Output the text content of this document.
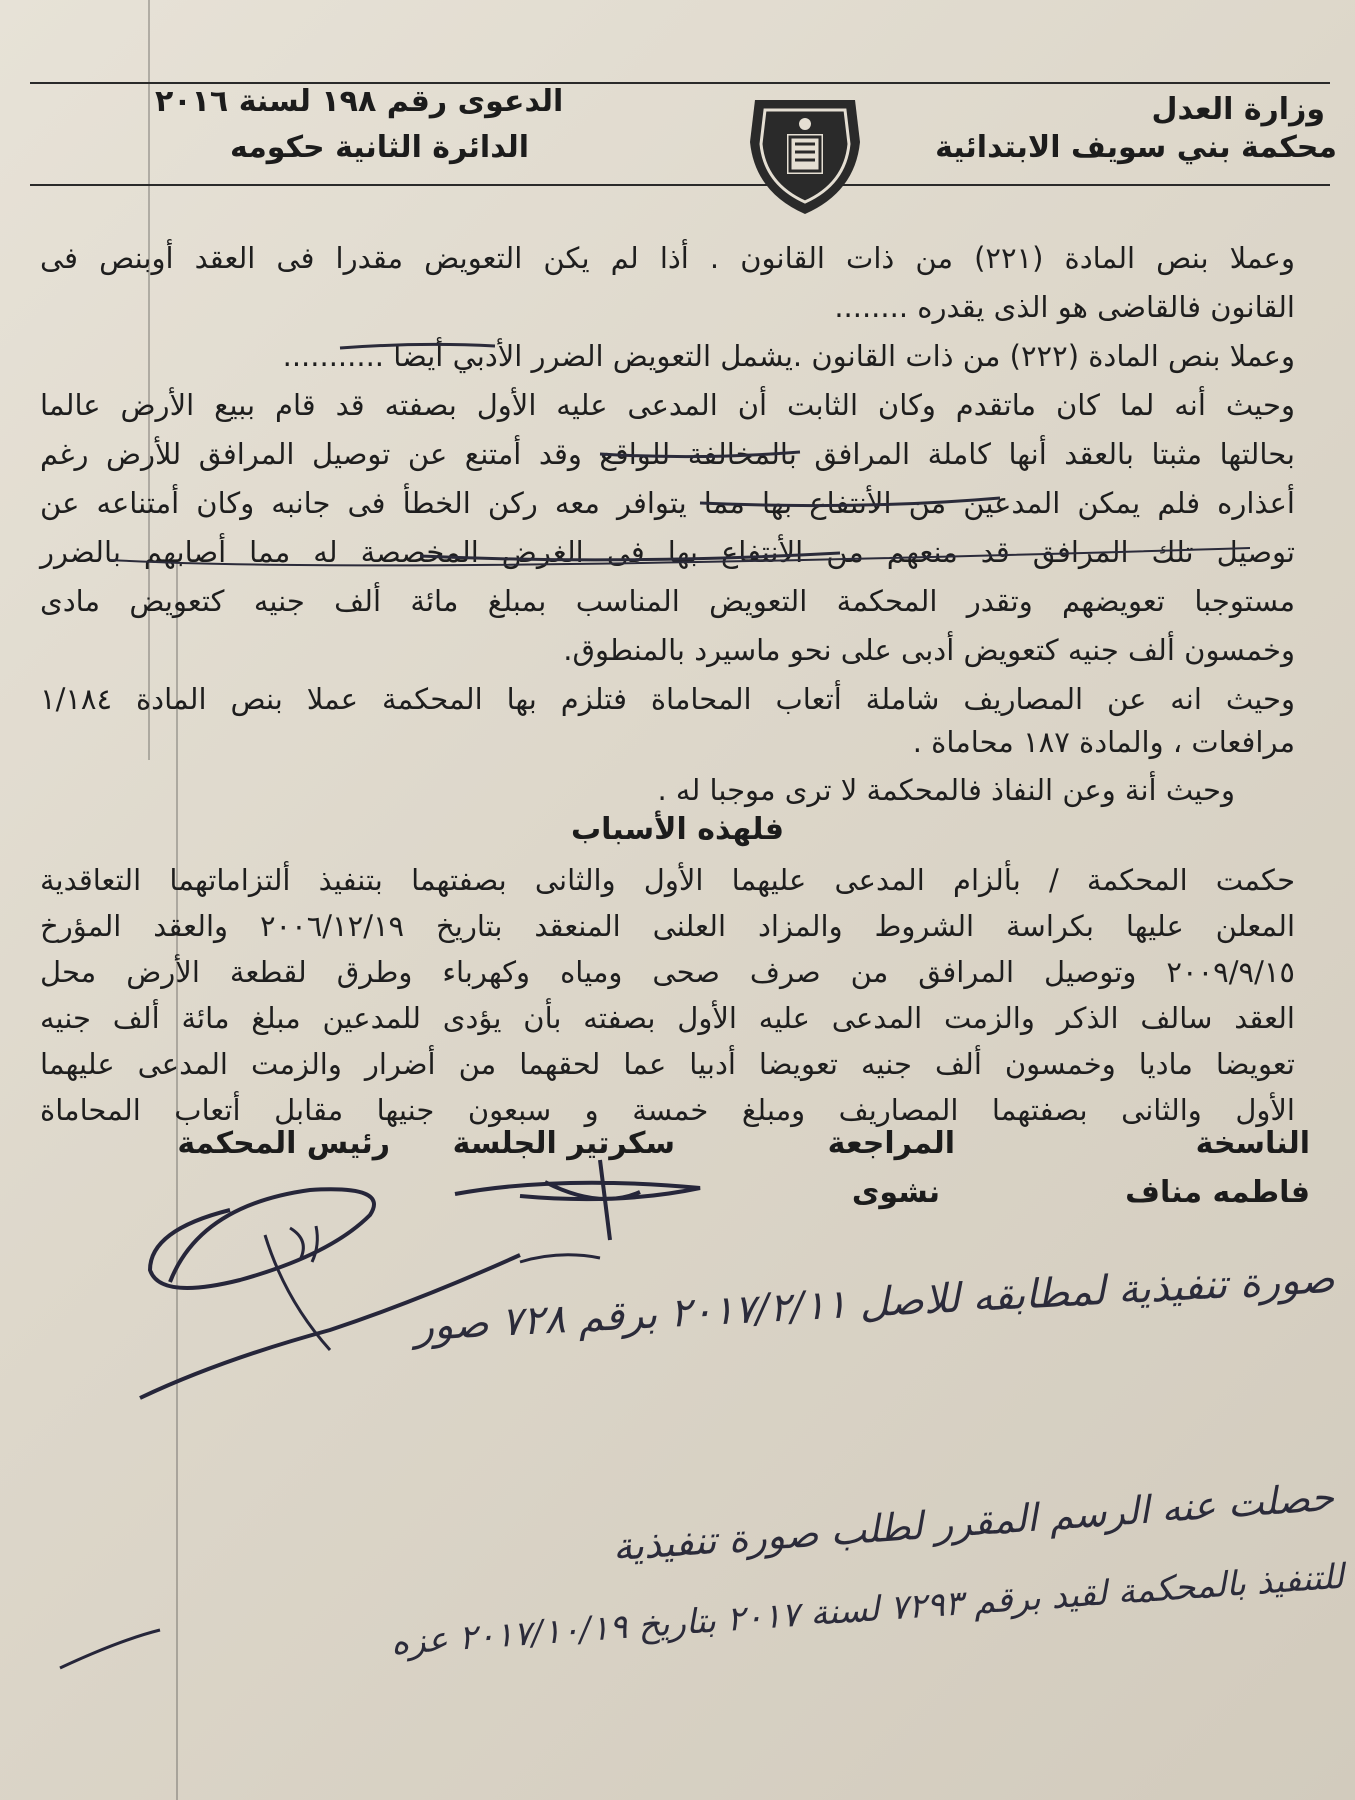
وزارة العدل
محكمة بني سويف الابتدائية
الدعوى رقم ١٩٨ لسنة ٢٠١٦
الدائرة الثانية حكومه
وعملا بنص المادة (٢٢١) من ذات القانون . أذا لم يكن التعويض مقدرا فى العقد أوبنص فى
القانون فالقاضى هو الذى يقدره ........
وعملا بنص المادة (٢٢٢) من ذات القانون .يشمل التعويض الضرر الأدبي أيضا ...........
وحيث أنه لما كان ماتقدم وكان الثابت أن المدعى عليه الأول بصفته قد قام ببيع الأرض عالما
بحالتها مثبتا بالعقد أنها كاملة المرافق بالمخالفة للواقع وقد أمتنع عن توصيل المرافق للأرض رغم
أعذاره فلم يمكن المدعين من الأنتفاع بها مما يتوافر معه ركن الخطأ فى جانبه وكان أمتناعه عن
توصيل تلك المرافق قد منعهم من الأنتفاع بها فى الغرض المخصصة له مما أصابهم بالضرر
مستوجبا تعويضهم وتقدر المحكمة التعويض المناسب بمبلغ مائة ألف جنيه كتعويض مادى
وخمسون ألف جنيه كتعويض أدبى على نحو ماسيرد بالمنطوق.
وحيث انه عن المصاريف شاملة أتعاب المحاماة فتلزم بها المحكمة عملا بنص المادة ١/١٨٤
مرافعات ، والمادة ١٨٧ محاماة .
وحيث أنة وعن النفاذ فالمحكمة لا ترى موجبا له .
فلهذه الأسباب
حكمت المحكمة / بألزام المدعى عليهما الأول والثانى بصفتهما بتنفيذ ألتزاماتهما التعاقدية
المعلن عليها بكراسة الشروط والمزاد العلنى المنعقد بتاريخ ٢٠٠٦/١٢/١٩ والعقد المؤرخ
٢٠٠٩/٩/١٥ وتوصيل المرافق من صرف صحى ومياه وكهرباء وطرق لقطعة الأرض محل
العقد سالف الذكر والزمت المدعى عليه الأول بصفته بأن يؤدى للمدعين مبلغ مائة ألف جنيه
تعويضا ماديا وخمسون ألف جنيه تعويضا أدبيا عما لحقهما من أضرار والزمت المدعى عليهما
الأول والثانى بصفتهما المصاريف ومبلغ خمسة و سبعون جنيها مقابل أتعاب المحاماة
الناسخة
فاطمه مناف
المراجعة
نشوى
سكرتير الجلسة
رئيس المحكمة
صورة تنفيذية لمطابقه للاصل ٢٠١٧/٢/١١ برقم ٧٢٨ صور
حصلت عنه الرسم المقرر لطلب صورة تنفيذية
للتنفيذ بالمحكمة لقيد برقم ٧٢٩٣ لسنة ٢٠١٧ بتاريخ ٢٠١٧/١٠/١٩ عزه
